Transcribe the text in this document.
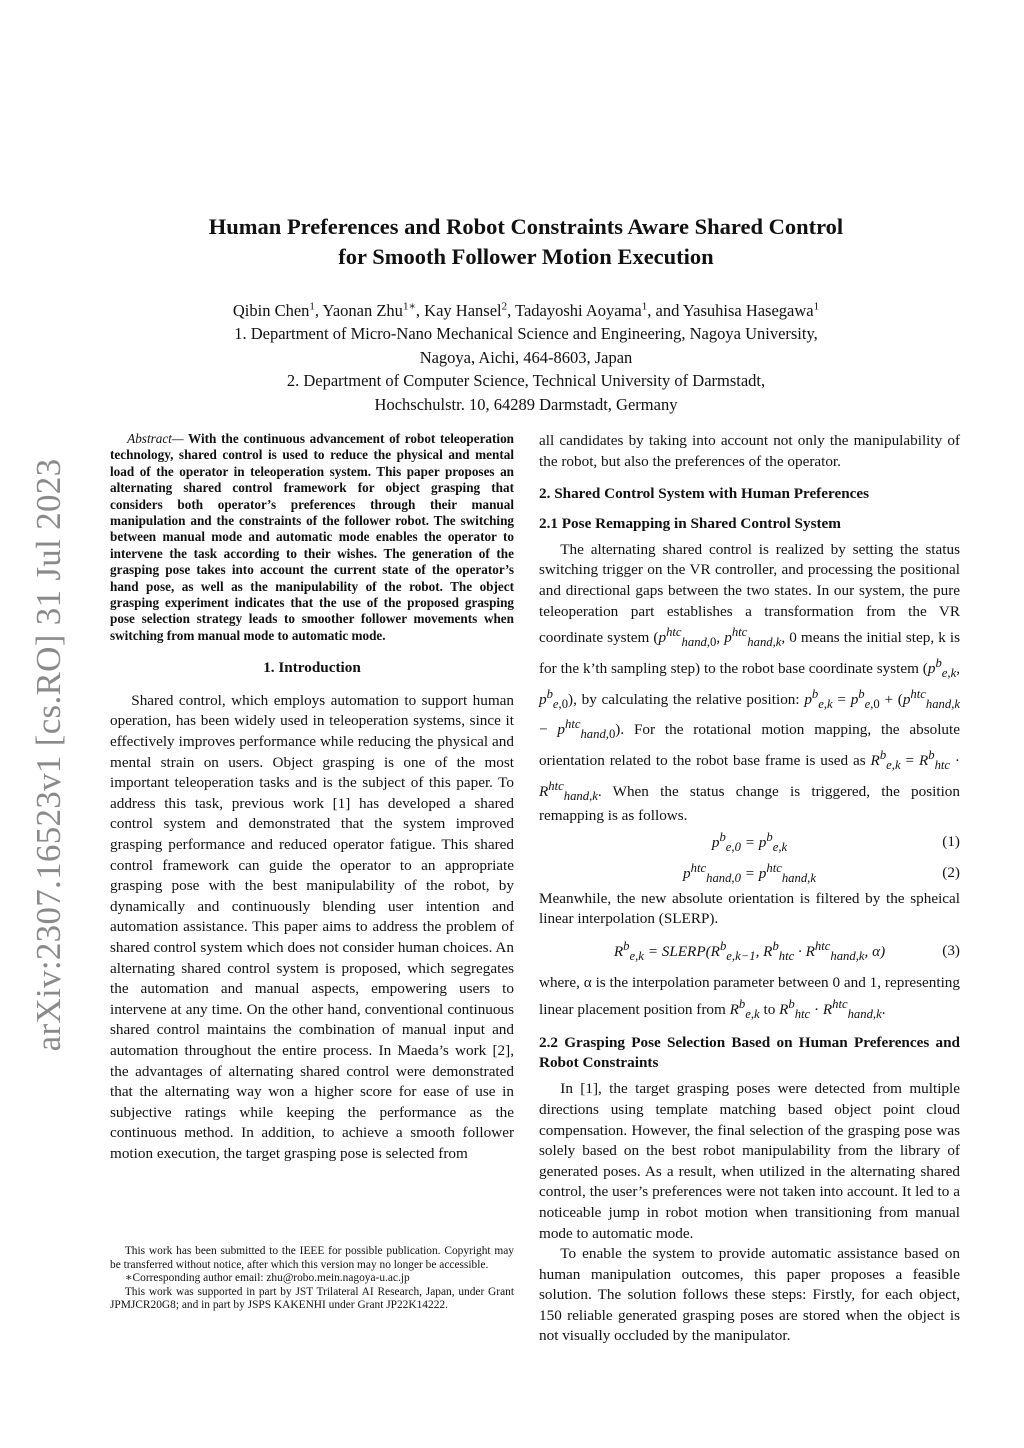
arXiv:2307.16523v1 [cs.RO] 31 Jul 2023
Human Preferences and Robot Constraints Aware Shared Control
for Smooth Follower Motion Execution
Qibin Chen$^1$, Yaonan Zhu$^{1∗}$, Kay Hansel$^2$, Tadayoshi Aoyama$^1$, and Yasuhisa Hasegawa$^1$
1. Department of Micro-Nano Mechanical Science and Engineering, Nagoya University,
Nagoya, Aichi, 464-8603, Japan
2. Department of Computer Science, Technical University of Darmstadt,
Hochschulstr. 10, 64289 Darmstadt, Germany

Abstract— With the continuous advancement of robot teleoperation technology, shared control is used to reduce the physical and mental load of the operator in teleoperation system. This paper proposes an alternating shared control framework for object grasping that considers both operator’s preferences through their manual manipulation and the constraints of the follower robot. The switching between manual mode and automatic mode enables the operator to intervene the task according to their wishes. The generation of the grasping pose takes into account the current state of the operator’s hand pose, as well as the manipulability of the robot. The object grasping experiment indicates that the use of the proposed grasping pose selection strategy leads to smoother follower movements when switching from manual mode to automatic mode.

1. Introduction

Shared control, which employs automation to support human operation, has been widely used in teleoperation systems, since it effectively improves performance while reducing the physical and mental strain on users. Object grasping is one of the most important teleoperation tasks and is the subject of this paper. To address this task, previous work [1] has developed a shared control system and demonstrated that the system improved grasping performance and reduced operator fatigue. This shared control framework can guide the operator to an appropriate grasping pose with the best manipulability of the robot, by dynamically and continuously blending user intention and automation assistance. This paper aims to address the problem of shared control system which does not consider human choices. An alternating shared control system is proposed, which segregates the automation and manual aspects, empowering users to intervene at any time. On the other hand, conventional continuous shared control maintains the combination of manual input and automation throughout the entire process. In Maeda’s work [2], the advantages of alternating shared control were demonstrated that the alternating way won a higher score for ease of use in subjective ratings while keeping the performance as the continuous method. In addition, to achieve a smooth follower motion execution, the target grasping pose is selected from

This work has been submitted to the IEEE for possible publication. Copyright may be transferred without notice, after which this version may no longer be accessible.

∗Corresponding author email: zhu@robo.mein.nagoya-u.ac.jp

This work was supported in part by JST Trilateral AI Research, Japan, under Grant JPMJCR20G8; and in part by JSPS KAKENHI under Grant JP22K14222.

all candidates by taking into account not only the manipulability of the robot, but also the preferences of the operator.

2. Shared Control System with Human Preferences
2.1 Pose Remapping in Shared Control System

The alternating shared control is realized by setting the status switching trigger on the VR controller, and processing the positional and directional gaps between the two states. In our system, the pure teleoperation part establishes a transformation from the VR coordinate system ($p^{htc}_{hand,0}$, $p^{htc}_{hand,k}$, 0 means the initial step, k is for the k’th sampling step) to the robot base coordinate system ($p^b_{e,k}$, $p^b_{e,0}$), by calculating the relative position: $p^b_{e,k} = p^b_{e,0} + (p^{htc}_{hand,k} - p^{htc}_{hand,0})$. For the rotational motion mapping, the absolute orientation related to the robot base frame is used as $R^b_{e,k} = R^b_{htc} \cdot R^{htc}_{hand,k}$. When the status change is triggered, the position remapping is as follows.

$p^b_{e,0} = p^b_{e,k}$	(1)
$p^{htc}_{hand,0} = p^{htc}_{hand,k}$	(2)

Meanwhile, the new absolute orientation is filtered by the spheical linear interpolation (SLERP).

$R^b_{e,k}$ = $SLERP(R^b_{e,k-1}$, $R^b_{htc} \cdot R^{htc}_{hand,k}$, α)	(3)

where, α is the interpolation parameter between 0 and 1, representing linear placement position from $R^b_{e,k}$ to $R^b_{htc} \cdot R^{htc}_{hand,k}$.

2.2 Grasping Pose Selection Based on Human Preferences and Robot Constraints

In [1], the target grasping poses were detected from multiple directions using template matching based object point cloud compensation. However, the final selection of the grasping pose was solely based on the best robot manipulability from the library of generated poses. As a result, when utilized in the alternating shared control, the user’s preferences were not taken into account. It led to a noticeable jump in robot motion when transitioning from manual mode to automatic mode.

To enable the system to provide automatic assistance based on human manipulation outcomes, this paper proposes a feasible solution. The solution follows these steps: Firstly, for each object, 150 reliable generated grasping poses are stored when the object is not visually occluded by the manipulator.
